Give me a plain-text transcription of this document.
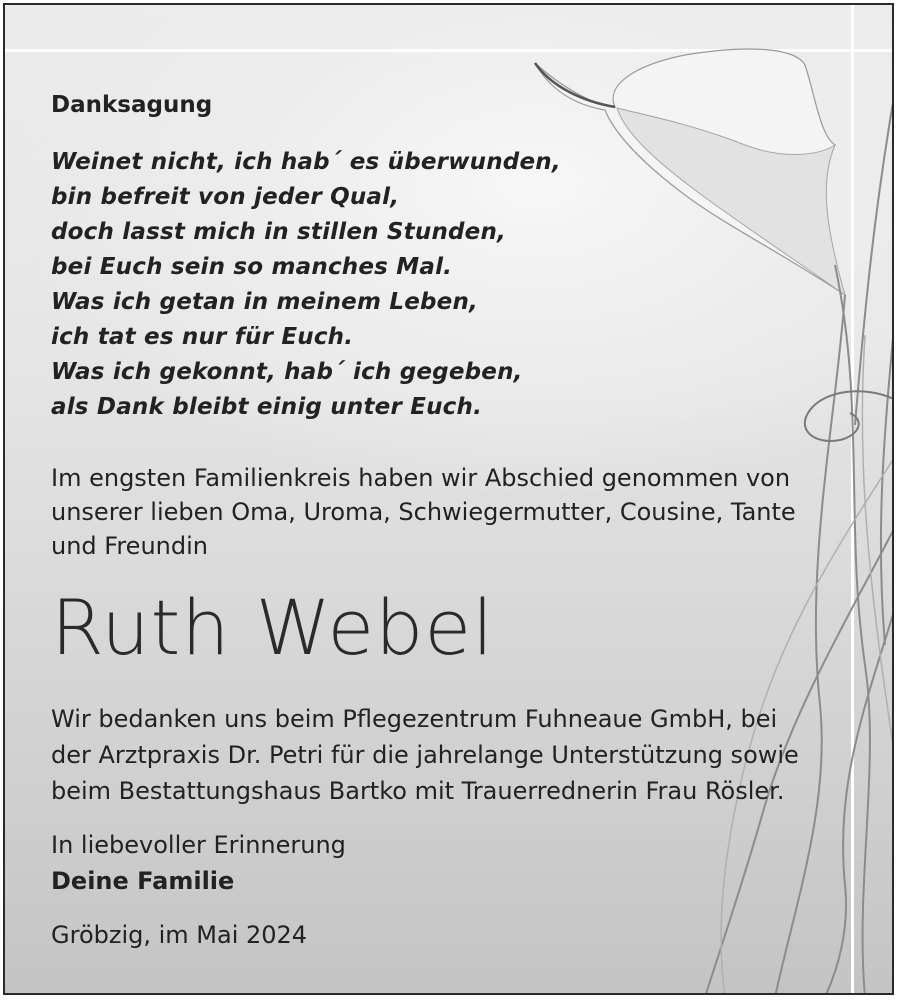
Danksagung
Weinet nicht, ich hab´ es überwunden,
bin befreit von jeder Qual,
doch lasst mich in stillen Stunden,
bei Euch sein so manches Mal.
Was ich getan in meinem Leben,
ich tat es nur für Euch.
Was ich gekonnt, hab´ ich gegeben,
als Dank bleibt einig unter Euch.
Im engsten Familienkreis haben wir Abschied genommen von
unserer lieben Oma, Uroma, Schwiegermutter, Cousine, Tante
und Freundin
Ruth Webel
Wir bedanken uns beim Pflegezentrum Fuhneaue GmbH, bei
der Arztpraxis Dr. Petri für die jahrelange Unterstützung sowie
beim Bestattungshaus Bartko mit Trauerrednerin Frau Rösler.
In liebevoller Erinnerung
Deine Familie
Gröbzig, im Mai 2024
